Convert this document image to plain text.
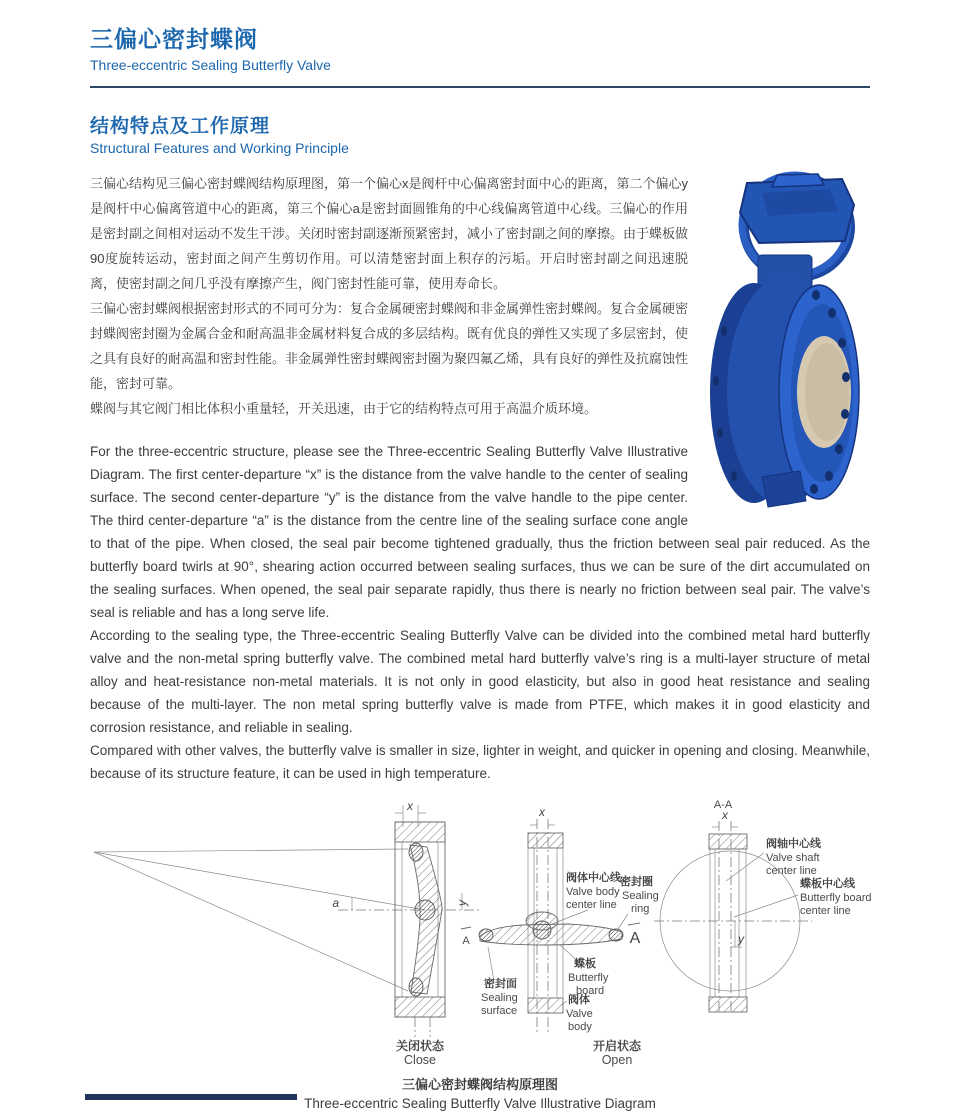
三偏心密封蝶阀
Three-eccentric Sealing Butterfly Valve
结构特点及工作原理
Structural Features and Working Principle

三偏心结构见三偏心密封蝶阀结构原理图，第一个偏心x是阀杆中心偏离密封面中心的距离，第二个偏心y是阀杆中心偏离管道中心的距离，第三个偏心a是密封面圆锥角的中心线偏离管道中心线。三偏心的作用是密封副之间相对运动不发生干涉。关闭时密封副逐渐预紧密封，减小了密封副之间的摩擦。由于蝶板做90度旋转运动，密封面之间产生剪切作用。可以清楚密封面上积存的污垢。开启时密封副之间迅速脱离，使密封副之间几乎没有摩擦产生，阀门密封性能可靠，使用寿命长。

三偏心密封蝶阀根据密封形式的不同可分为：复合金属硬密封蝶阀和非金属弹性密封蝶阀。复合金属硬密封蝶阀密封圈为金属合金和耐高温非金属材料复合成的多层结构。既有优良的弹性又实现了多层密封，使之具有良好的耐高温和密封性能。非金属弹性密封蝶阀密封圈为聚四氟乙烯，具有良好的弹性及抗腐蚀性能，密封可靠。

蝶阀与其它阀门相比体积小重量轻，开关迅速，由于它的结构特点可用于高温介质环境。

For the three-eccentric structure, please see the Three-eccentric Sealing Butterfly Valve Illustrative Diagram. The first center-departure “x” is the distance from the valve handle to the center of sealing surface. The second center-departure “y” is the distance from the valve handle to the pipe center. The third center-departure “a” is the distance from the centre line of the sealing surface cone angle to that of the pipe. When closed, the seal pair become tightened gradually, thus the friction between seal pair reduced. As the butterfly board twirls at 90°, shearing action occurred between sealing surfaces, thus we can be sure of the dirt accumulated on the sealing surfaces. When opened, the seal pair separate rapidly, thus there is nearly no friction between seal pair. The valve’s seal is reliable and has a long serve life.

According to the sealing type, the Three-eccentric Sealing Butterfly Valve can be divided into the combined metal hard butterfly valve and the non-metal spring butterfly valve. The combined metal hard butterfly valve’s ring is a multi-layer structure of metal alloy and heat-resistance non-metal materials. It is not only in good elasticity, but also in good heat resistance and sealing because of the multi-layer. The non metal spring butterfly valve is made from PTFE, which makes it in good elasticity and corrosion resistance, and reliable in sealing.

Compared with other valves, the butterfly valve is smaller in size, lighter in weight, and quicker in opening and closing. Meanwhile, because of its structure feature, it can be used in high temperature.

a	y
x
关闭状态
Close
A	A
x
阀体中心线
Valve body
center line
密封圈
Sealing
ring
蝶板
Butterfly
board
密封面
Sealing
surface
阀体
Valve
body
开启状态
Open
A-A
x
y
阀轴中心线
Valve shaft
center line
蝶板中心线
Butterfly board
center line
三偏心密封蝶阀结构原理图
Three-eccentric Sealing Butterfly Valve Illustrative Diagram
